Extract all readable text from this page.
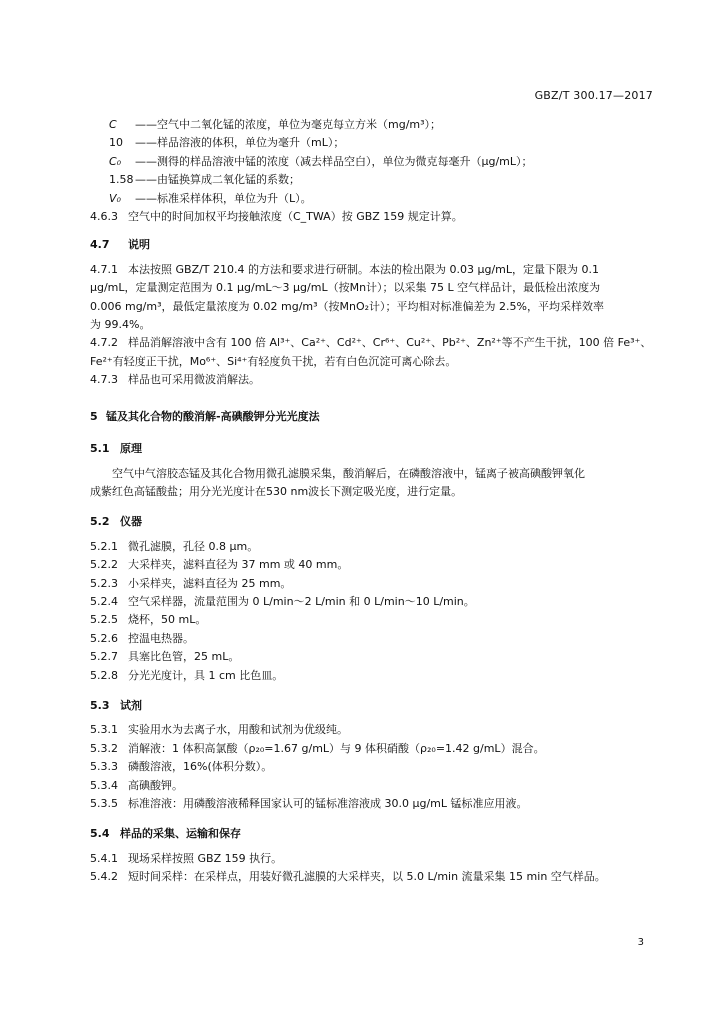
GBZ/T 300.17—2017
C ——空气中二氧化锰的浓度，单位为毫克每立方米（mg/m³）；
10 ——样品溶液的体积，单位为毫升（mL）；
C₀ ——测得的样品溶液中锰的浓度（减去样品空白），单位为微克每毫升（μg/mL）；
1.58 ——由锰换算成二氧化锰的系数；
V₀ ——标准采样体积，单位为升（L）。
4.6.3 空气中的时间加权平均接触浓度（C_TWA）按 GBZ 159 规定计算。
4.7 说明
4.7.1 本法按照 GBZ/T 210.4 的方法和要求进行研制。本法的检出限为 0.03 μg/mL，定量下限为 0.1
μg/mL，定量测定范围为 0.1 μg/mL～3 μg/mL（按Mn计）；以采集 75 L 空气样品计，最低检出浓度为
0.006 mg/m³，最低定量浓度为 0.02 mg/m³（按MnO₂计）；平均相对标准偏差为 2.5%，平均采样效率
为 99.4%。
4.7.2 样品消解溶液中含有 100 倍 Al³⁺、Ca²⁺、Cd²⁺、Cr⁶⁺、Cu²⁺、Pb²⁺、Zn²⁺等不产生干扰，100 倍 Fe³⁺、
Fe²⁺有轻度正干扰，Mo⁶⁺、Si⁴⁺有轻度负干扰，若有白色沉淀可离心除去。
4.7.3 样品也可采用微波消解法。
5 锰及其化合物的酸消解-高碘酸钾分光光度法
5.1 原理
空气中气溶胶态锰及其化合物用微孔滤膜采集，酸消解后，在磷酸溶液中，锰离子被高碘酸钾氧化
成紫红色高锰酸盐；用分光光度计在530 nm波长下测定吸光度，进行定量。
5.2 仪器
5.2.1 微孔滤膜，孔径 0.8 μm。
5.2.2 大采样夹，滤料直径为 37 mm 或 40 mm。
5.2.3 小采样夹，滤料直径为 25 mm。
5.2.4 空气采样器，流量范围为 0 L/min～2 L/min 和 0 L/min～10 L/min。
5.2.5 烧杯，50 mL。
5.2.6 控温电热器。
5.2.7 具塞比色管，25 mL。
5.2.8 分光光度计，具 1 cm 比色皿。
5.3 试剂
5.3.1 实验用水为去离子水，用酸和试剂为优级纯。
5.3.2 消解液：1 体积高氯酸（ρ₂₀=1.67 g/mL）与 9 体积硝酸（ρ₂₀=1.42 g/mL）混合。
5.3.3 磷酸溶液，16%(体积分数）。
5.3.4 高碘酸钾。
5.3.5 标准溶液：用磷酸溶液稀释国家认可的锰标准溶液成 30.0 μg/mL 锰标准应用液。
5.4 样品的采集、运输和保存
5.4.1 现场采样按照 GBZ 159 执行。
5.4.2 短时间采样：在采样点，用装好微孔滤膜的大采样夹，以 5.0 L/min 流量采集 15 min 空气样品。
3
